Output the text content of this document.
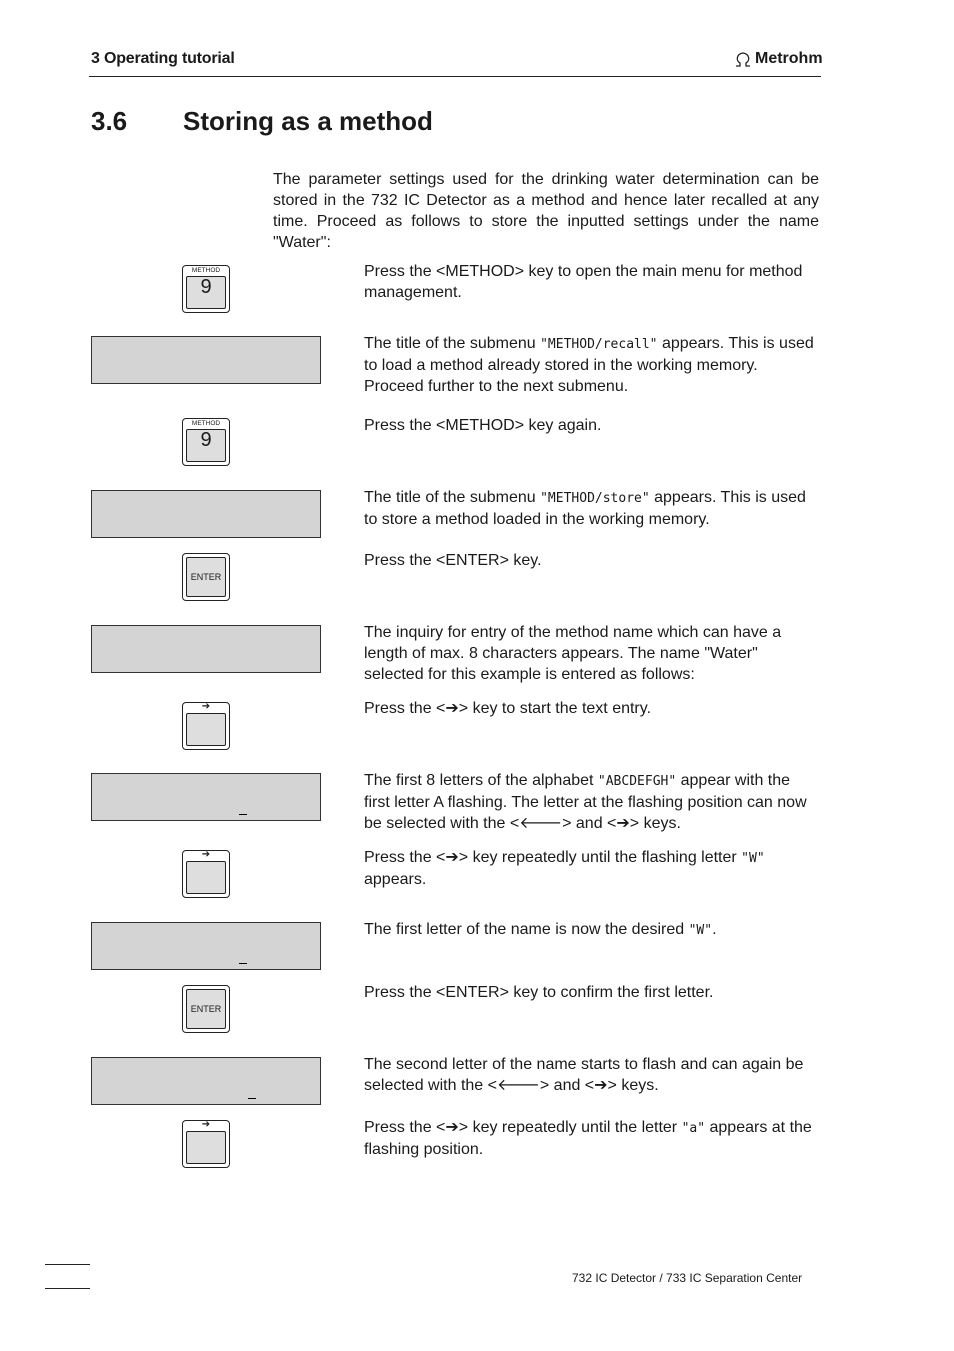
3 Operating tutorial	Metrohm
3.6	Storing as a method
The parameter settings used for the drinking water determination can be stored in the 732 IC Detector as a method and hence later recalled at any time. Proceed as follows to store the inputted settings under the name "Water":
METHOD
9
Press the <METHOD> key to open the main menu for method management.
The title of the submenu "METHOD/recall" appears. This is used to load a method already stored in the working memory. Proceed further to the next submenu.
METHOD
9
Press the <METHOD> key again.
The title of the submenu "METHOD/store" appears. This is used to store a method loaded in the working memory.
ENTER
Press the <ENTER> key.
The inquiry for entry of the method name which can have a length of max. 8 characters appears. The name "Water" selected for this example is entered as follows:
➔	Press the <➔> key to start the text entry.
The first 8 letters of the alphabet "ABCDEFGH" appear with the first letter A flashing. The letter at the flashing position can now be selected with the <🡐> and <➔> keys.
➔	Press the <➔> key repeatedly until the flashing letter "W" appears.
The first letter of the name is now the desired "W".
ENTER
Press the <ENTER> key to confirm the first letter.
The second letter of the name starts to flash and can again be selected with the <🡐> and <➔> keys.
➔	Press the <➔> key repeatedly until the letter "a" appears at the flashing position.
732 IC Detector / 733 IC Separation Center
